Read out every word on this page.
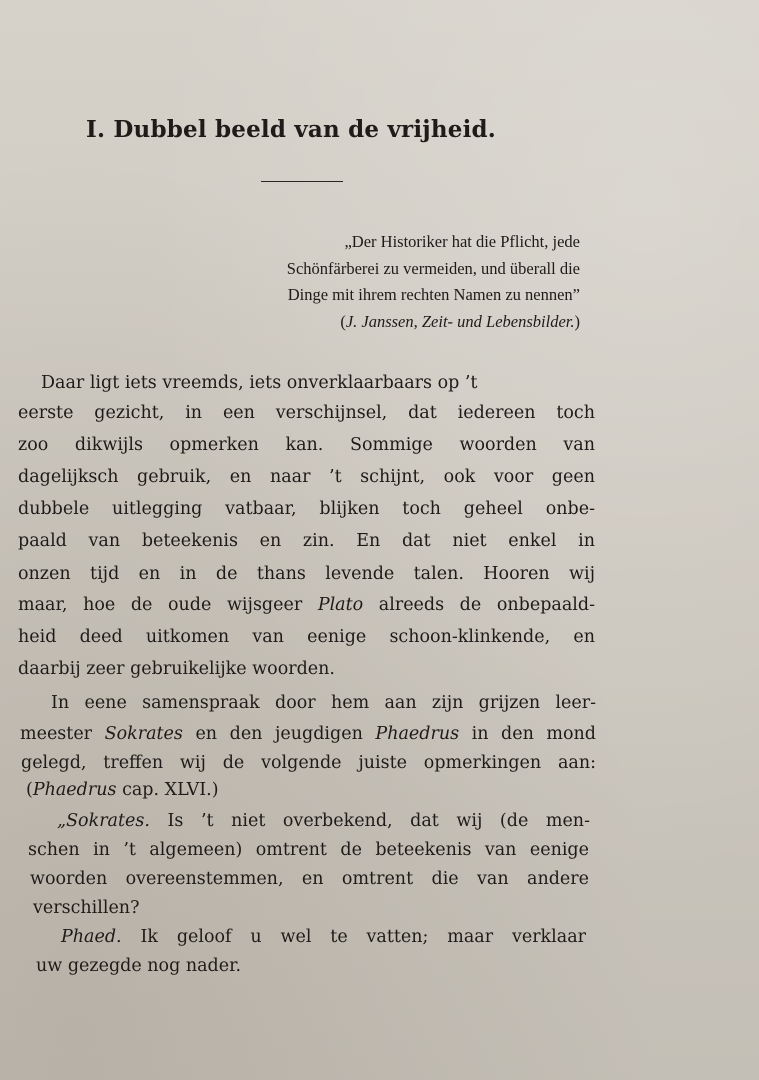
I. Dubbel beeld van de vrijheid.
„Der Historiker hat die Pflicht, jede
Schönfärberei zu vermeiden, und überall die
Dinge mit ihrem rechten Namen zu nennen”
(J. Janssen, Zeit- und Lebensbilder.)
Daar ligt iets vreemds, iets onverklaarbaars op ’t
eerste gezicht, in een verschijnsel, dat iedereen toch
zoo dikwijls opmerken kan. Sommige woorden van
dagelijksch gebruik, en naar ’t schijnt, ook voor geen
dubbele uitlegging vatbaar, blijken toch geheel onbe-
paald van beteekenis en zin. En dat niet enkel in
onzen tijd en in de thans levende talen. Hooren wij
maar, hoe de oude wijsgeer Plato alreeds de onbepaald-
heid deed uitkomen van eenige schoon-klinkende, en
daarbij zeer gebruikelijke woorden.
In eene samenspraak door hem aan zijn grijzen leer-
meester Sokrates en den jeugdigen Phaedrus in den mond
gelegd, treffen wij de volgende juiste opmerkingen aan:
(Phaedrus cap. XLVI.)
„Sokrates. Is ’t niet overbekend, dat wij (de men-
schen in ’t algemeen) omtrent de beteekenis van eenige
woorden overeenstemmen, en omtrent die van andere
verschillen?
Phaed. Ik geloof u wel te vatten; maar verklaar
uw gezegde nog nader.
